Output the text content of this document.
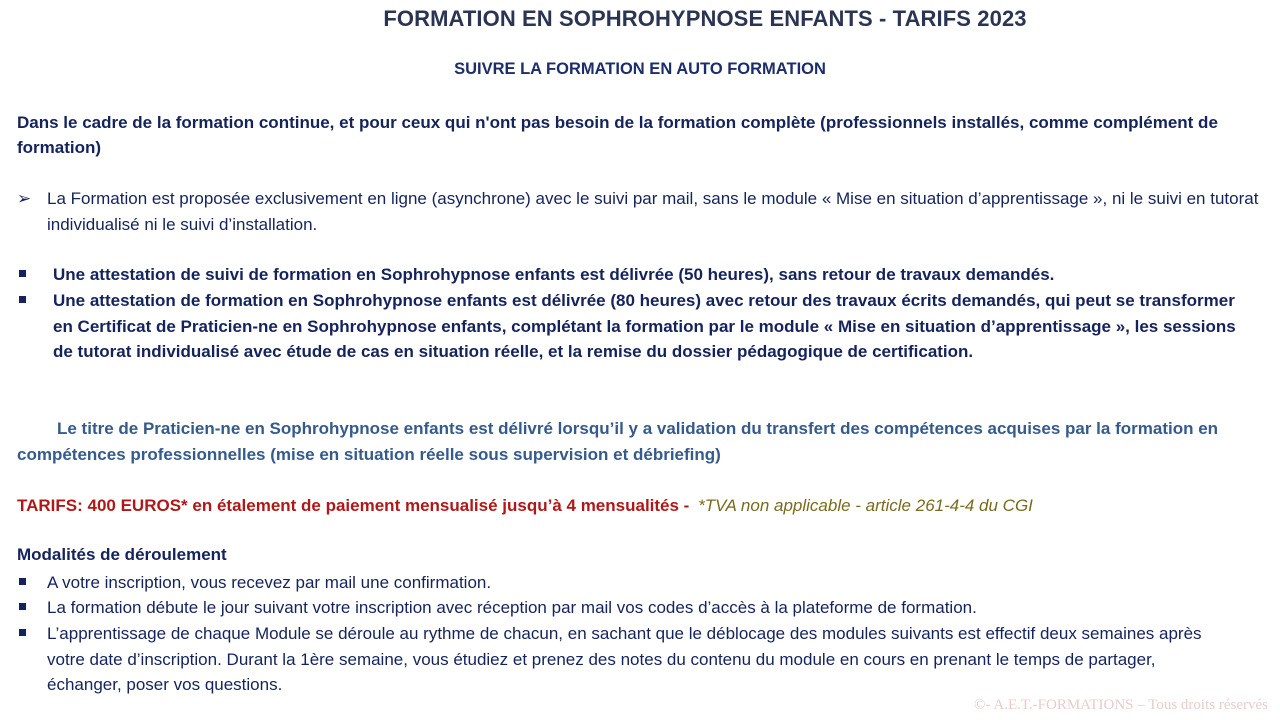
FORMATION EN SOPHROHYPNOSE ENFANTS - TARIFS 2023
SUIVRE LA FORMATION EN AUTO FORMATION
Dans le cadre de la formation continue, et pour ceux qui n'ont pas besoin de la formation complète (professionnels installés, comme complément de formation)
➢ La Formation est proposée exclusivement en ligne (asynchrone) avec le suivi par mail, sans le module « Mise en situation d’apprentissage », ni le suivi en tutorat individualisé ni le suivi d’installation.
Une attestation de suivi de formation en Sophrohypnose enfants est délivrée (50 heures), sans retour de travaux demandés.
Une attestation de formation en Sophrohypnose enfants est délivrée (80 heures) avec retour des travaux écrits demandés, qui peut se transformer en Certificat de Praticien-ne en Sophrohypnose enfants, complétant la formation par le module « Mise en situation d’apprentissage », les sessions de tutorat individualisé avec étude de cas en situation réelle, et la remise du dossier pédagogique de certification.
Le titre de Praticien-ne en Sophrohypnose enfants est délivré lorsqu’il y a validation du transfert des compétences acquises par la formation en compétences professionnelles (mise en situation réelle sous supervision et débriefing)
TARIFS: 400 EUROS* en étalement de paiement mensualisé jusqu’à 4 mensualités - *TVA non applicable - article 261-4-4 du CGI
Modalités de déroulement
A votre inscription, vous recevez par mail une confirmation.
La formation débute le jour suivant votre inscription avec réception par mail vos codes d’accès à la plateforme de formation.
L’apprentissage de chaque Module se déroule au rythme de chacun, en sachant que le déblocage des modules suivants est effectif deux semaines après votre date d’inscription. Durant la 1ère semaine, vous étudiez et prenez des notes du contenu du module en cours en prenant le temps de partager, échanger, poser vos questions.
©- A.E.T.-FORMATIONS – Tous droits réservés
